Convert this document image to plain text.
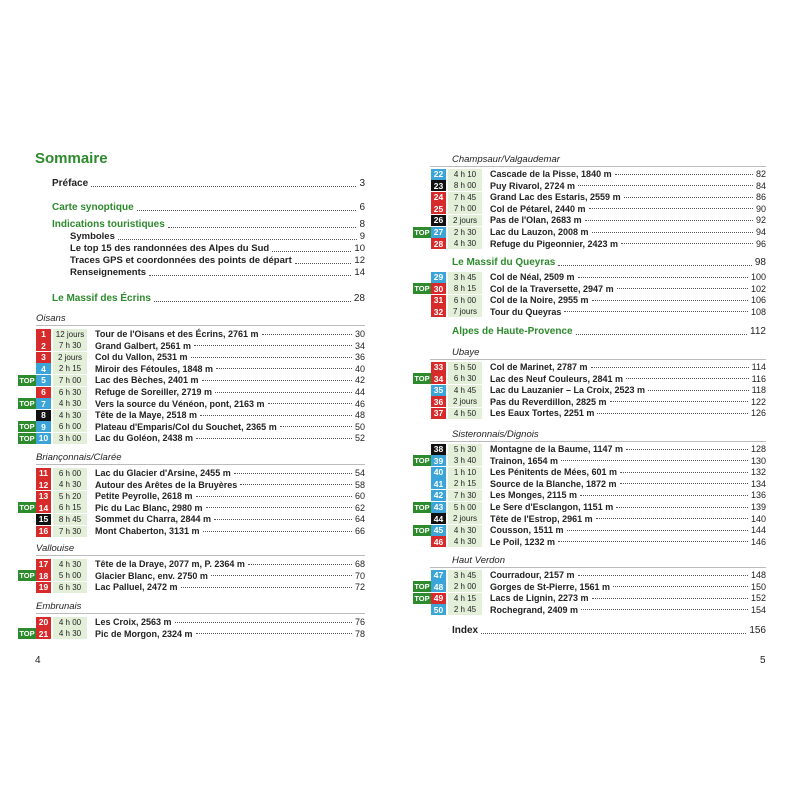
Sommaire
Préface	3
Carte synoptique	6
Indications touristiques	8
Symboles	9
Le top 15 des randonnées des Alpes du Sud	10
Traces GPS et coordonnées des points de départ	12
Renseignements	14
Le Massif des Écrins	28
Oisans
1	12 jours	Tour de l'Oisans et des Écrins, 2761 m	30
2	7 h 30	Grand Galbert, 2561 m	34
3	2 jours	Col du Vallon, 2531 m	36
4	2 h 15	Miroir des Fétoules, 1848 m	40
TOP 5	7 h 00	Lac des Bèches, 2401 m	42
6	6 h 30	Refuge de Soreiller, 2719 m	44
TOP 7	4 h 30	Vers la source du Vénéon, pont, 2163 m	46
8	4 h 30	Tête de la Maye, 2518 m	48
TOP 9	6 h 00	Plateau d'Emparis/Col du Souchet, 2365 m	50
TOP 10	3 h 00	Lac du Goléon, 2438 m	52
Briançonnais/Clarée
11	6 h 00	Lac du Glacier d'Arsine, 2455 m	54
12	4 h 30	Autour des Arêtes de la Bruyères	58
13	5 h 20	Petite Peyrolle, 2618 m	60
TOP 14	6 h 15	Pic du Lac Blanc, 2980 m	62
15	8 h 45	Sommet du Charra, 2844 m	64
16	7 h 30	Mont Chaberton, 3131 m	66
Vallouise
17	4 h 30	Tête de la Draye, 2077 m, P. 2364 m	68
TOP 18	5 h 00	Glacier Blanc, env. 2750 m	70
19	6 h 30	Lac Palluel, 2472 m	72
Embrunais
20	4 h 00	Les Croix, 2563 m	76
TOP 21	4 h 30	Pic de Morgon, 2324 m	78
4
Champsaur/Valgaudemar
22	4 h 10	Cascade de la Pisse, 1840 m	82
23	8 h 00	Puy Rivarol, 2724 m	84
24	7 h 45	Grand Lac des Estaris, 2559 m	86
25	7 h 00	Col de Pétarel, 2440 m	90
26	2 jours	Pas de l'Olan, 2683 m	92
TOP 27	2 h 30	Lac du Lauzon, 2008 m	94
28	4 h 30	Refuge du Pigeonnier, 2423 m	96
Le Massif du Queyras	98
29	3 h 45	Col de Néal, 2509 m	100
TOP 30	8 h 15	Col de la Traversette, 2947 m	102
31	6 h 00	Col de la Noire, 2955 m	106
32	7 jours	Tour du Queyras	108
Alpes de Haute-Provence	112
Ubaye
33	5 h 50	Col de Marinet, 2787 m	114
TOP 34	6 h 30	Lac des Neuf Couleurs, 2841 m	116
35	4 h 45	Lac du Lauzanier – La Croix, 2523 m	118
36	2 jours	Pas du Reverdillon, 2825 m	122
37	4 h 50	Les Eaux Tortes, 2251 m	126
Sisteronnais/Dignois
38	5 h 30	Montagne de la Baume, 1147 m	128
TOP 39	3 h 40	Trainon, 1654 m	130
40	1 h 10	Les Pénitents de Mées, 601 m	132
41	2 h 15	Source de la Blanche, 1872 m	134
42	7 h 30	Les Monges, 2115 m	136
TOP 43	5 h 00	Le Sere d'Esclangon, 1151 m	139
44	2 jours	Tête de l'Estrop, 2961 m	140
TOP 45	4 h 30	Cousson, 1511 m	144
46	4 h 30	Le Poil, 1232 m	146
Haut Verdon
47	3 h 45	Courradour, 2157 m	148
TOP 48	2 h 00	Gorges de St-Pierre, 1561 m	150
TOP 49	4 h 15	Lacs de Lignin, 2273 m	152
50	2 h 45	Rochegrand, 2409 m	154
Index	156
5
